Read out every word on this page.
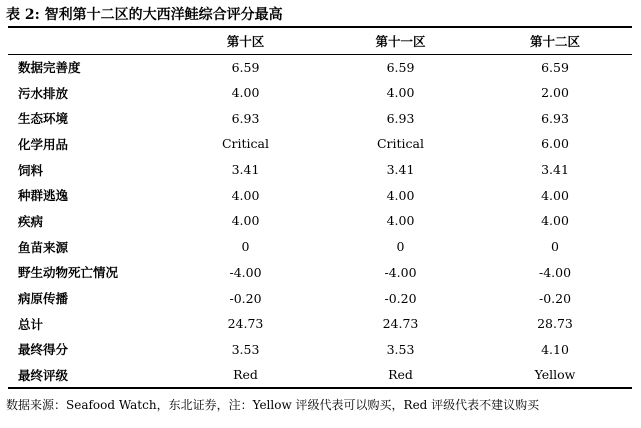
表 2: 智利第十二区的大西洋鲑综合评分最高
	第十区	第十一区	第十二区
数据完善度	6.59	6.59	6.59
污水排放	4.00	4.00	2.00
生态环境	6.93	6.93	6.93
化学用品	Critical	Critical	6.00
饲料	3.41	3.41	3.41
种群逃逸	4.00	4.00	4.00
疾病	4.00	4.00	4.00
鱼苗来源	0	0	0
野生动物死亡情况	-4.00	-4.00	-4.00
病原传播	-0.20	-0.20	-0.20
总计	24.73	24.73	28.73
最终得分	3.53	3.53	4.10
最终评级	Red	Red	Yellow
数据来源：Seafood Watch，东北证券，注：Yellow 评级代表可以购买，Red 评级代表不建议购买
